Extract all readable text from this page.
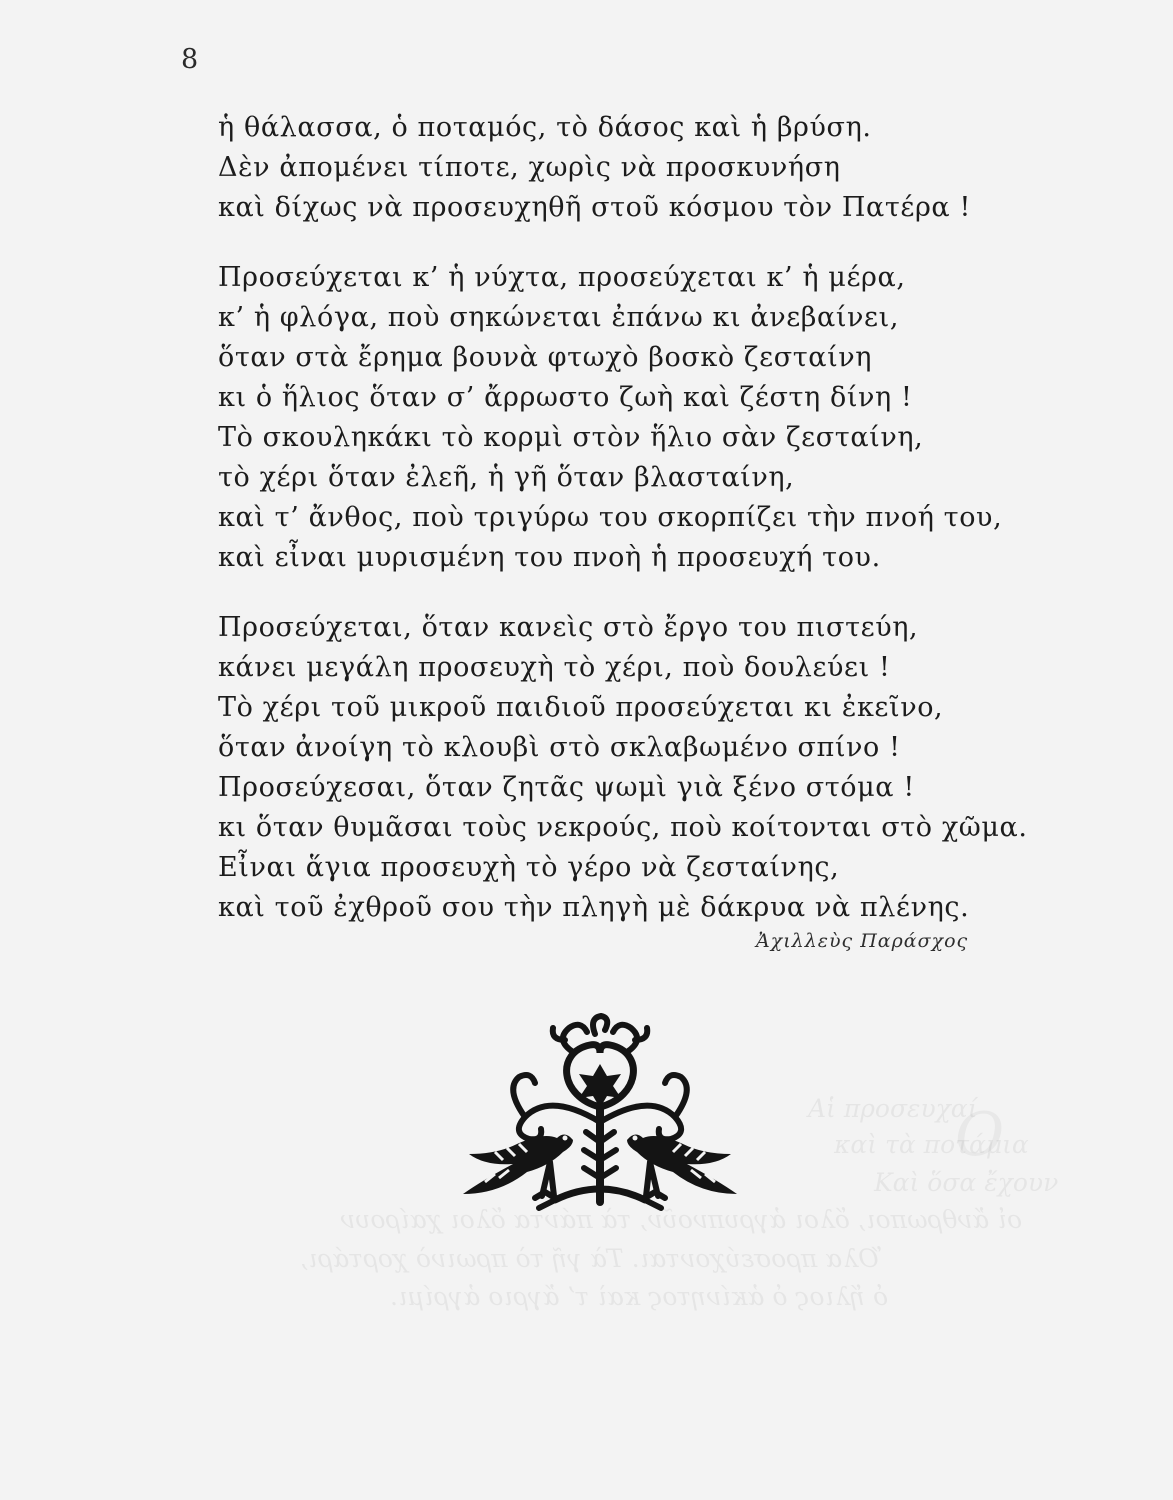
Αἱ προσευχαί
καὶ τὰ ποτάμια
Καὶ ὅσα ἔχουν
οἱ ἄνθρωποι, ὅλοι ἀγρυπνοῦν, τὰ πάντα ὅλοι χαίρουν
Ὅλα προσεύχονται. Τὰ γῆ τὸ πρωινὸ χορτάρι,
ὁ ἥλιος ὁ ἀκίνητος καὶ τ’ ἄγριο ἀγρίμι.
8
ἡ θάλασσα, ὁ ποταμός, τὸ δάσος καὶ ἡ βρύση.
Δὲν ἀπομένει τίποτε, χωρὶς νὰ προσκυνήση
καὶ δίχως νὰ προσευχηθῆ στοῦ κόσμου τὸν Πατέρα !
Προσεύχεται κ’ ἡ νύχτα, προσεύχεται κ’ ἡ μέρα,
κ’ ἡ φλόγα, ποὺ σηκώνεται ἐπάνω κι ἀνεβαίνει,
ὅταν στὰ ἔρημα βουνὰ φτωχὸ βοσκὸ ζεσταίνη
κι ὁ ἥλιος ὅταν σ’ ἄρρωστο ζωὴ καὶ ζέστη δίνη !
Τὸ σκουληκάκι τὸ κορμὶ στὸν ἥλιο σὰν ζεσταίνη,
τὸ χέρι ὅταν ἐλεῆ, ἡ γῆ ὅταν βλασταίνη,
καὶ τ’ ἄνθος, ποὺ τριγύρω του σκορπίζει τὴν πνοή του,
καὶ εἶναι μυρισμένη του πνοὴ ἡ προσευχή του.
Προσεύχεται, ὅταν κανεὶς στὸ ἔργο του πιστεύη,
κάνει μεγάλη προσευχὴ τὸ χέρι, ποὺ δουλεύει !
Τὸ χέρι τοῦ μικροῦ παιδιοῦ προσεύχεται κι ἐκεῖνο,
ὅταν ἀνοίγη τὸ κλουβὶ στὸ σκλαβωμένο σπίνο !
Προσεύχεσαι, ὅταν ζητᾶς ψωμὶ γιὰ ξένο στόμα !
κι ὅταν θυμᾶσαι τοὺς νεκρούς, ποὺ κοίτονται στὸ χῶμα.
Εἶναι ἅγια προσευχὴ τὸ γέρο νὰ ζεσταίνης,
καὶ τοῦ ἐχθροῦ σου τὴν πληγὴ μὲ δάκρυα νὰ πλένης.
Ἀχιλλεὺς Παράσχος
